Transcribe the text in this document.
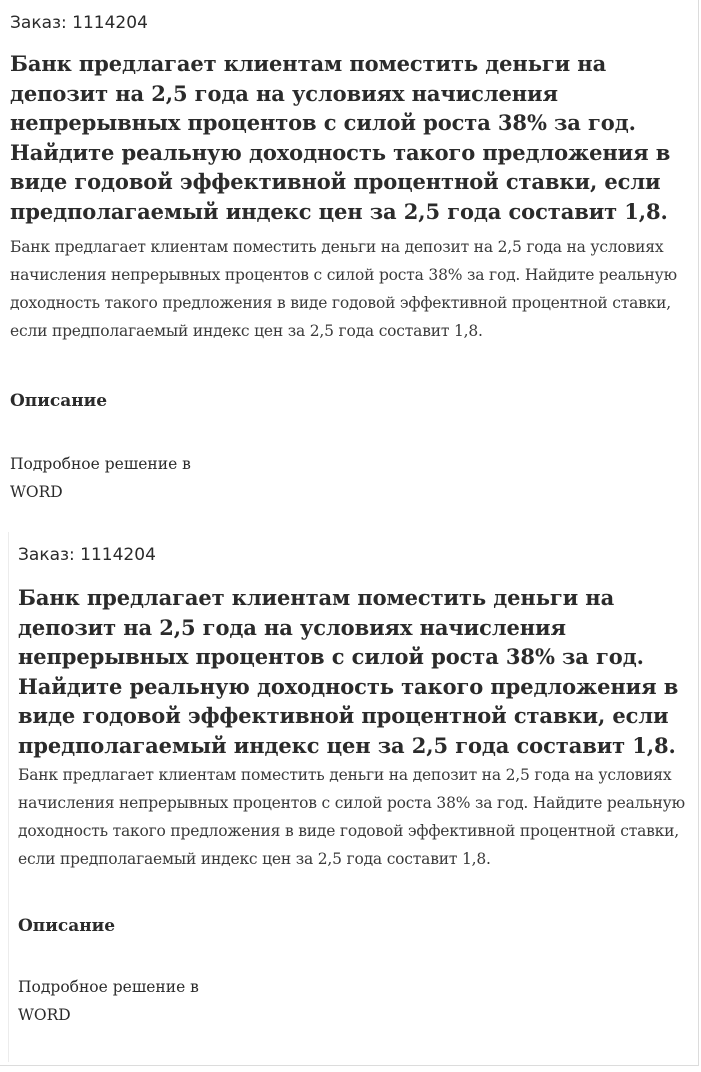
Заказ: 1114204
Банк предлагает клиентам поместить деньги на депозит на 2,5 года на условиях начисления непрерывных процентов с силой роста 38% за год. Найдите реальную доходность такого предложения в виде годовой эффективной процентной ставки, если предполагаемый индекс цен за 2,5 года составит 1,8.

Банк предлагает клиентам поместить деньги на депозит на 2,5 года на условиях начисления непрерывных процентов с силой роста 38% за год. Найдите реальную доходность такого предложения в виде годовой эффективной процентной ставки, если предполагаемый индекс цен за 2,5 года составит 1,8.

Описание

Подробное решение в WORD

Заказ: 1114204
Банк предлагает клиентам поместить деньги на депозит на 2,5 года на условиях начисления непрерывных процентов с силой роста 38% за год. Найдите реальную доходность такого предложения в виде годовой эффективной процентной ставки, если предполагаемый индекс цен за 2,5 года составит 1,8.

Банк предлагает клиентам поместить деньги на депозит на 2,5 года на условиях начисления непрерывных процентов с силой роста 38% за год. Найдите реальную доходность такого предложения в виде годовой эффективной процентной ставки, если предполагаемый индекс цен за 2,5 года составит 1,8.

Описание

Подробное решение в WORD
